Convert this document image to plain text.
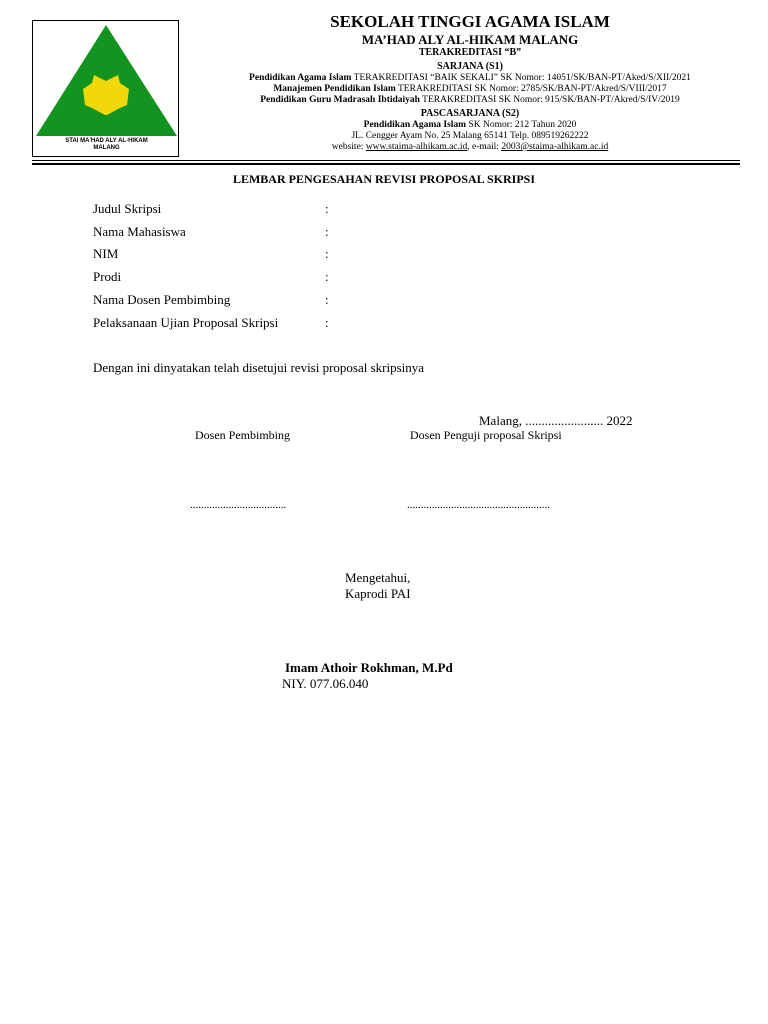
STAI MA'HAD ALY AL-HIKAM
MALANG
SEKOLAH TINGGI AGAMA ISLAM
MA’HAD ALY AL-HIKAM MALANG
TERAKREDITASI “B”
SARJANA (S1)
Pendidikan Agama Islam TERAKREDITASI “BAIK SEKALI” SK Nomor: 14051/SK/BAN-PT/Aked/S/XII/2021
Manajemen Pendidikan Islam TERAKREDITASI SK Nomor: 2785/SK/BAN-PT/Akred/S/VIII/2017
Pendidikan Guru Madrasah Ibtidaiyah TERAKREDITASI SK Nomor: 915/SK/BAN-PT/Akred/S/IV/2019
PASCASARJANA (S2)
Pendidikan Agama Islam SK Nomor: 212 Tahun 2020
JL. Cengger Ayam No. 25 Malang 65141 Telp. 089519262222
website: www.staima-alhikam.ac.id, e-mail: 2003@staima-alhikam.ac.id
LEMBAR PENGESAHAN REVISI PROPOSAL SKRIPSI
Judul Skripsi	:
Nama Mahasiswa	:
NIM	:
Prodi	:
Nama Dosen Pembimbing	:
Pelaksanaan Ujian Proposal Skripsi	:
Dengan ini dinyatakan telah disetujui revisi proposal skripsinya
Malang, ........................ 2022
Dosen Pembimbing	Dosen Penguji proposal Skripsi
...................................	....................................................
Mengetahui,
Kaprodi PAI
Imam Athoir Rokhman, M.Pd
NIY. 077.06.040
